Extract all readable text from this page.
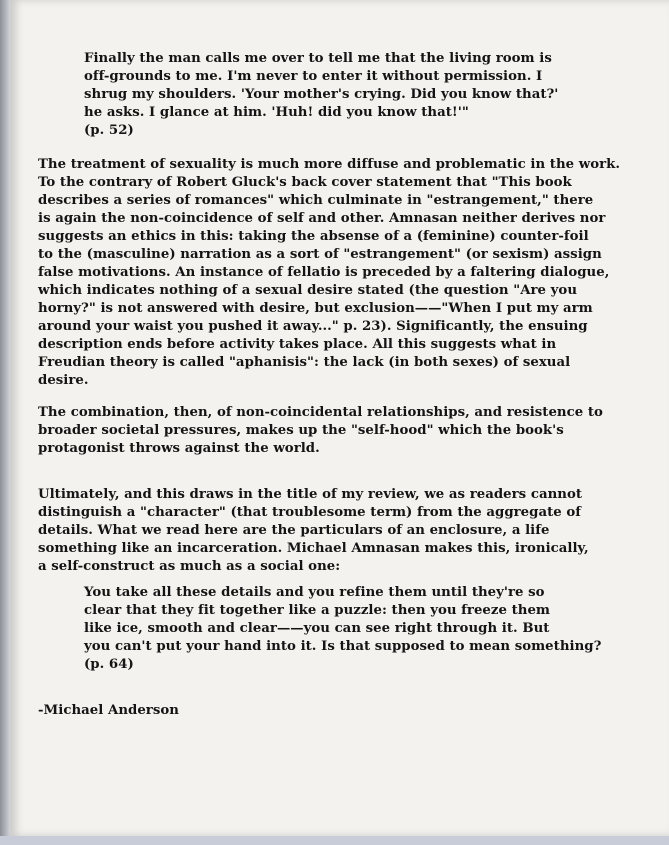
Finally the man calls me over to tell me that the living room is
off-grounds to me. I'm never to enter it without permission. I
shrug my shoulders. 'Your mother's crying. Did you know that?'
he asks. I glance at him. 'Huh! did you know that!'"
(p. 52)
The treatment of sexuality is much more diffuse and problematic in the work.
To the contrary of Robert Gluck's back cover statement that "This book
describes a series of romances" which culminate in "estrangement," there
is again the non-coincidence of self and other. Amnasan neither derives nor
suggests an ethics in this: taking the absense of a (feminine) counter-foil
to the (masculine) narration as a sort of "estrangement" (or sexism) assign
false motivations. An instance of fellatio is preceded by a faltering dialogue,
which indicates nothing of a sexual desire stated (the question "Are you
horny?" is not answered with desire, but exclusion——"When I put my arm
around your waist you pushed it away..." p. 23). Significantly, the ensuing
description ends before activity takes place. All this suggests what in
Freudian theory is called "aphanisis": the lack (in both sexes) of sexual
desire.
The combination, then, of non-coincidental relationships, and resistence to
broader societal pressures, makes up the "self-hood" which the book's
protagonist throws against the world.
Ultimately, and this draws in the title of my review, we as readers cannot
distinguish a "character" (that troublesome term) from the aggregate of
details. What we read here are the particulars of an enclosure, a life
something like an incarceration. Michael Amnasan makes this, ironically,
a self-construct as much as a social one:
You take all these details and you refine them until they're so
clear that they fit together like a puzzle: then you freeze them
like ice, smooth and clear——you can see right through it. But
you can't put your hand into it. Is that supposed to mean something?
(p. 64)
-Michael Anderson
